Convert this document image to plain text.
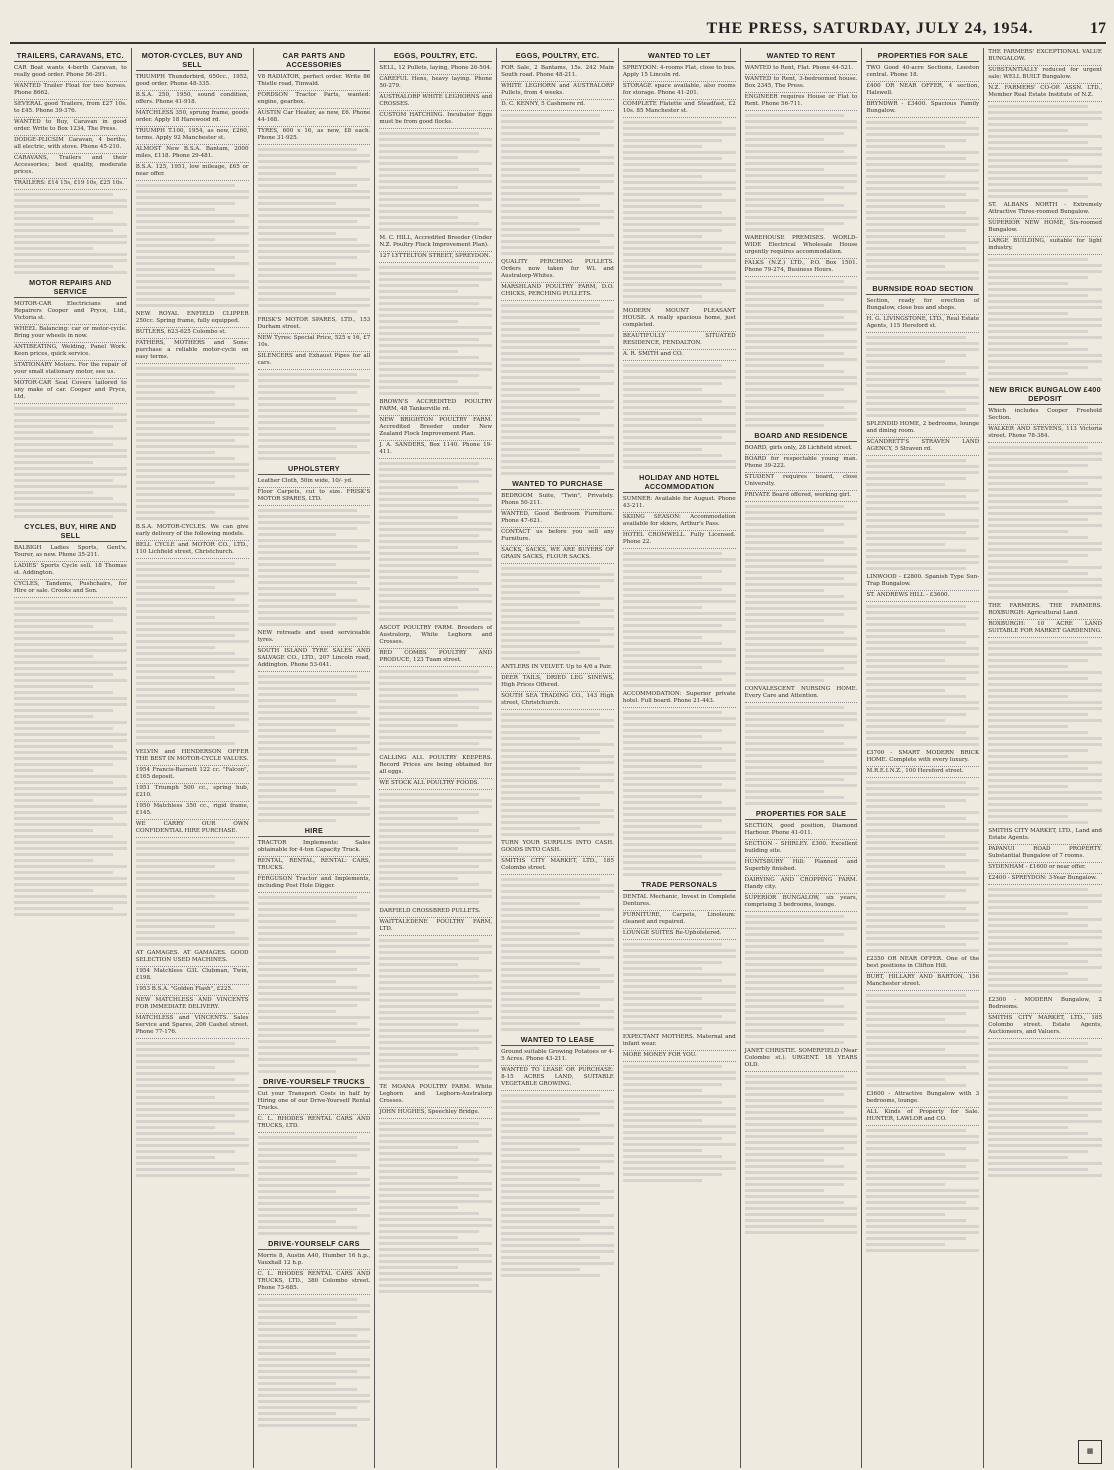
THE PRESS, SATURDAY, JULY 24, 1954.	17
TRAILERS, CARAVANS, ETC.

CAR Boat wants 4-berth Caravan, to really good order. Phone 56-291.

WANTED Trailer Float for two horses. Phone 8662.

SEVERAL good Trailers, from £27 10s. to £45. Phone 39-376.

WANTED to Buy, Caravan in good order. Write to Box 1234, The Press.

DODGE-PLICSIM Caravan, 4 berths, all electric, with stove. Phone 45-210.

CARAVANS, Trailers and their Accessories; best quality, moderate prices.

TRAILERS: £14 15s, £19 10s, £25 10s.

MOTOR REPAIRS AND SERVICE

MOTOR-CAR Electricians and Repairers Cooper and Pryce, Ltd., Victoria st.

WHEEL Balancing: car or motor-cycle. Bring your wheels in now.

ANTIBEATING, Welding, Panel Work. Keen prices, quick service.

STATIONARY Motors. For the repair of your small stationary motor, see us.

MOTOR-CAR Seat Covers tailored to any make of car. Cooper and Pryce, Ltd.

CYCLES, BUY, HIRE AND SELL

BALBIGH Ladies Sports, Gent's. Tourer, as new. Phone 35-211.

LADIES' Sports Cycle sell. 18 Thomas st. Addington.

CYCLES, Tandems, Pushchairs, for Hire or sale. Crooks and Son.

MOTOR-CYCLES, BUY AND SELL

TRIUMPH Thunderbird, 650cc., 1952, good order. Phone 48-335.

B.S.A. 250, 1950, sound condition, offers. Phone 41-918.

MATCHLESS 350, sprung frame, goods order. Apply 18 Harewood rd.

TRIUMPH T.100, 1954, as new, £260, terms. Apply 92 Manchester st.

ALMOST New B.S.A. Bantam, 2000 miles, £118. Phone 29-481.

B.S.A. 125, 1951, low mileage, £65 or near offer.

NEW ROYAL ENFIELD CLIPPER 250cc. Spring frame, fully equipped.

BUTLERS, 623-625 Colombo st.

FATHERS, MOTHERS and Sons: purchase a reliable motor-cycle on easy terms.

B.S.A. MOTOR-CYCLES. We can give early delivery of the following models.

BELL CYCLE and MOTOR CO., LTD., 110 Lichfield street, Christchurch.

VELVIN and HENDERSON OFFER THE BEST IN MOTOR-CYCLE VALUES.

1954 Francis-Barnett 122 cc. "Falcon", £165 deposit.

1951 Triumph 500 cc., spring hub, £210.

1950 Matchless 350 cc., rigid frame, £145.

WE CARRY OUR OWN CONFIDENTIAL HIRE PURCHASE.

AT GAMAGES. AT GAMAGES. GOOD SELECTION USED MACHINES.

1954 Matchless G3L Clubman, Twin, £198.

1953 B.S.A. "Golden Flash", £225.

NEW MATCHLESS AND VINCENTS FOR IMMEDIATE DELIVERY.

MATCHLESS and VINCENTS. Sales Service and Spares, 206 Cashel street. Phone 77-176.

CAR PARTS AND ACCESSORIES

V8 RADIATOR, perfect order. Write 86 Thistle road, Tinwald.

FORDSON Tractor Parts, wanted: engine, gearbox.

AUSTIN Car Heater, as new, £6. Phone 44-168.

TYRES, 600 x 16, as new, £8 each. Phone 31-925.

FRISK'S MOTOR SPARES, LTD., 153 Durham street.

NEW Tyres: Special Price, 525 x 16, £7 10s.

SILENCERS and Exhaust Pipes for all cars.

UPHOLSTERY

Leather Cloth, 50in wide, 10/- yd.

Floor Carpets, cut to size. FRISK'S MOTOR SPARES, LTD.

NEW retreads and used serviceable tyres.

SOUTH ISLAND TYRE SALES AND SALVAGE CO., LTD., 207 Lincoln road, Addington. Phone 53-041.

HIRE

TRACTOR Implements: Sales obtainable for 4-ton Capacity Truck.

RENTAL, RENTAL, RENTAL: CARS, TRUCKS.

FERGUSON Tractor and Implements, including Post Hole Digger.

DRIVE-YOURSELF TRUCKS

Cut your Transport Costs in half by Hiring one of our Drive-Yourself Rental Trucks.

C. L. RHODES RENTAL CARS AND TRUCKS, LTD.

DRIVE-YOURSELF CARS

Morris 8, Austin A40, Humber 16 h.p., Vauxhall 12 h.p.

C. L. RHODES RENTAL CARS AND TRUCKS, LTD., 380 Colombo street. Phone 73-685.

EGGS, POULTRY, ETC.

SELL, 12 Pullets, laying, Phone 26-504.

CAREFUL Hens, heavy laying. Phone 50-279.

AUSTRALORP WHITE LEGHORNS and CROSSES.

CUSTOM HATCHING. Incubator Eggs must be from good flocks.

M. C. HILL, Accredited Breeder (Under N.Z. Poultry Flock Improvement Plan).

127 LYTTELTON STREET, SPREYDON.

BROWN'S ACCREDITED POULTRY FARM, 48 Tankerville rd.

NEW BRIGHTON POULTRY FARM. Accredited Breeder under New Zealand Flock Improvement Plan.

J. A. SANDERS, Box 1140. Phone 19-411.

ASCOT POULTRY FARM. Breeders of Australorp, White Leghorn and Crosses.

RED COMBS POULTRY AND PRODUCE, 123 Tuam street.

CALLING ALL POULTRY KEEPERS. Record Prices are being obtained for all eggs.

WE STOCK ALL POULTRY FOODS.

DARFIELD CROSSBRED PULLETS.

WAITTALEDENE POULTRY FARM, LTD.

TE MOANA POULTRY FARM. White Leghorn and Leghorn-Australorp Crosses.

JOHN HUGHES, Speechley Bridge.

EGGS, POULTRY, ETC.

FOR Sale, 2 Bantams, 15s. 242 Main South road. Phone 48-211.

WHITE LEGHORN and AUSTRALORP Pullets, from 4 weeks.

D. C. KENNY, 5 Cashmere rd.

QUALITY PERCHING PULLETS. Orders now taken for WL and Australorp-Whites.

MARSHLAND POULTRY FARM, D.O. CHICKS, PERCHING PULLETS.

WANTED TO PURCHASE

BEDROOM Suite, "Twin", Privately. Phone 50-211.

WANTED, Good Bedroom Furniture. Phone 47-621.

CONTACT us before you sell any Furniture.

SACKS, SACKS, WE ARE BUYERS OF GRAIN SACKS, FLOUR SACKS.

ANTLERS IN VELVET. Up to 4/6 a Pair.

DEER TAILS, DRIED LEG SINEWS, High Prices Offered.

SOUTH SEA TRADING CO., 143 High street, Christchurch.

TURN YOUR SURPLUS INTO CASH. GOODS INTO CASH.

SMITHS CITY MARKET, LTD., 185 Colombo street.

WANTED TO LEASE

Ground suitable Growing Potatoes or 4-5 Acres. Phone 43-211.

WANTED TO LEASE OR PURCHASE: 8-15 ACRES LAND, SUITABLE VEGETABLE GROWING.

WANTED TO LET

SPREYDON: 4-rooms Flat, close to bus. Apply 15 Lincoln rd.

STORAGE space available, also rooms for storage. Phone 41-201.

COMPLETE Flatette and Steadfast, £2 10s. 85 Manchester st.

MODERN MOUNT PLEASANT HOUSE. A really spacious home, just completed.

BEAUTIFULLY SITUATED RESIDENCE, FENDALTON.

A. R. SMITH and CO.

HOLIDAY AND HOTEL ACCOMMODATION

SUMNER: Available for August. Phone 43-211.

SKIING SEASON: Accommodation available for skiers, Arthur's Pass.

HOTEL CROMWELL. Fully Licensed. Phone 22.

ACCOMMODATION: Superior private hotel. Full board. Phone 21-443.

TRADE PERSONALS

DENTAL Mechanic, Invest in Complete Dentures.

FURNITURE, Carpets, Linoleum: cleaned and repaired.

LOUNGE SUITES Re-Upholstered.

EXPECTANT MOTHERS. Maternal and infant wear.

MORE MONEY FOR YOU.

WANTED TO RENT

WANTED to Rent, Flat. Phone 44-521.

WANTED to Rent, 3-bedroomed house. Box 2345, The Press.

ENGINEER requires House or Flat to Rent. Phone 56-711.

WAREHOUSE PREMISES. WORLD-WIDE Electrical Wholesale House urgently requires accommodation.

FALKS (N.Z.) LTD., P.O. Box 1501. Phone 79-274, Business Hours.

BOARD AND RESIDENCE

BOARD, girls only, 28 Lichfield street.

BOARD for respectable young man. Phone 39-222.

STUDENT requires board, close University.

PRIVATE Board offered, working girl.

CONVALESCENT NURSING HOME. Every Care and Attention.

PROPERTIES FOR SALE

SECTION, good position, Diamond Harbour. Phone 41-011.

SECTION - SHIRLEY. £300. Excellent building site.

HUNTSBURY Hill: Planned and Superbly finished.

DAIRYING AND CROPPING FARM. Handy city.

SUPERIOR BUNGALOW, six years, comprising 3 bedrooms, lounge.

JANET CHRISTIE. SOMERFIELD (Near Colombo st.). URGENT. 18 YEARS OLD.

PROPERTIES FOR SALE

TWO Good 40-acre Sections, Leeston central. Phone 18.

£400 OR NEAR OFFER, 4 section, Halswell.

BRYNDWR - £3400. Spacious Family Bungalow.

BURNSIDE ROAD SECTION

Section, ready for erection of Bungalow, close bus and shops.

H. G. LIVINGSTONE, LTD., Real Estate Agents, 115 Hereford st.

SPLENDID HOME, 2 bedrooms, lounge and dining room.

SCANDRETT'S STRAVEN LAND AGENCY, 5 Straven rd.

LINWOOD - £2800. Spanish Type Sun-Trap Bungalow.

ST. ANDREWS HILL - £3600.

£3700 - SMART MODERN BRICK HOME. Complete with every luxury.

M.R.E.I.N.Z., 100 Hereford street.

£2350 OR NEAR OFFER. One of the best positions in Clifton Hill.

BURT, HILLARY AND BARTON, 156 Manchester street.

£3600 - Attractive Bungalow with 3 bedrooms, lounge.

ALL Kinds of Property for Sale. HUNTER, LAWLOR and CO.

THE FARMERS' EXCEPTIONAL VALUE BUNGALOW.

SUBSTANTIALLY reduced for urgent sale: WELL BUILT Bungalow.

N.Z. FARMERS' CO-OP. ASSN. LTD., Member Real Estate Institute of N.Z.

ST. ALBANS NORTH - Extremely Attractive Three-roomed Bungalow.

SUPERIOR NEW HOME, Six-roomed Bungalow.

LARGE BUILDING, suitable for light industry.

NEW BRICK BUNGALOW £400 DEPOSIT

Which includes Cooper Freehold Section.

WALKER AND STEVENS, 113 Victoria street. Phone 78-384.

THE FARMERS. THE FARMERS. ROXBURGH: Agricultural Land.

ROXBURGH: 10 ACRE LAND SUITABLE FOR MARKET GARDENING.

SMITHS CITY MARKET, LTD., Land and Estate Agents.

PAPANUI ROAD PROPERTY. Substantial Bungalow of 7 rooms.

SYDENHAM - £1600 or near offer.

£2400 - SPREYDON: 3-Year Bungalow.

£2300 - MODERN Bungalow, 2 Bedrooms.

SMITHS CITY MARKET, LTD., 185 Colombo street. Estate Agents, Auctioneers, and Valuers.

▦
